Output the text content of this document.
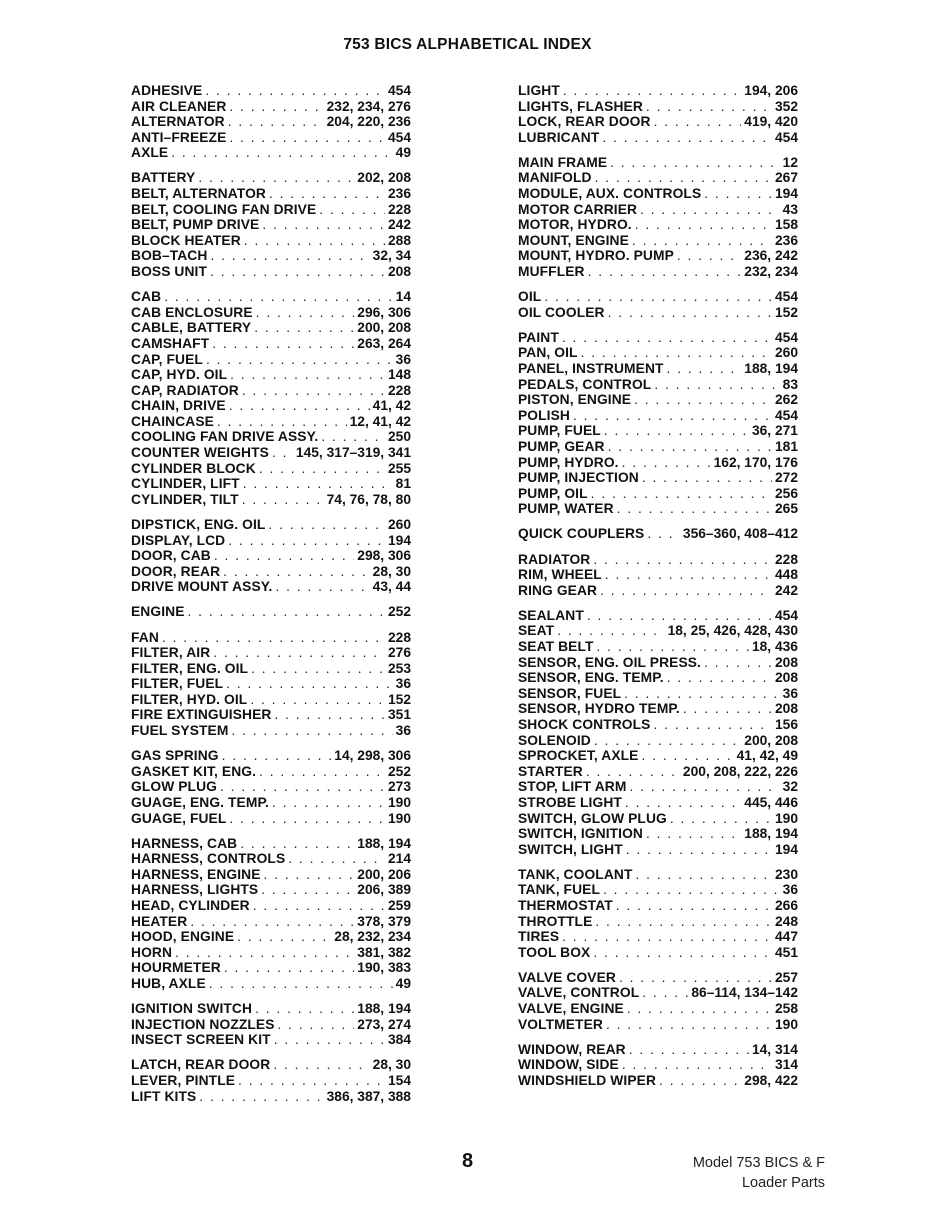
753 BICS ALPHABETICAL INDEX
ADHESIVE . . .	454
AIR CLEANER . . .	232, 234, 276
ALTERNATOR . . .	204, 220, 236
ANTI–FREEZE . . .	454
AXLE . . .	49
BATTERY . . .	202, 208
BELT, ALTERNATOR . . .	236
BELT, COOLING FAN DRIVE . . .	228
BELT, PUMP DRIVE . . .	242
BLOCK HEATER . . .	288
BOB–TACH . . .	32, 34
BOSS UNIT . . .	208
CAB . . .	14
CAB ENCLOSURE . . .	296, 306
CABLE, BATTERY . . .	200, 208
CAMSHAFT . . .	263, 264
CAP, FUEL . . .	36
CAP, HYD. OIL . . .	148
CAP, RADIATOR . . .	228
CHAIN, DRIVE . . .	41, 42
CHAINCASE . . .	12, 41, 42
COOLING FAN DRIVE ASSY. . . .	250
COUNTER WEIGHTS . . . 145, 317–319, 341
CYLINDER BLOCK . . .	255
CYLINDER, LIFT . . .	81
CYLINDER, TILT . . .	74, 76, 78, 80
DIPSTICK, ENG. OIL . . .	260
DISPLAY, LCD . . .	194
DOOR, CAB . . .	298, 306
DOOR, REAR . . .	28, 30
DRIVE MOUNT ASSY. . . .	43, 44
ENGINE . . .	252
FAN . . .	228
FILTER, AIR . . .	276
FILTER, ENG. OIL . . .	253
FILTER, FUEL . . .	36
FILTER, HYD. OIL . . .	152
FIRE EXTINGUISHER . . .	351
FUEL SYSTEM . . .	36
GAS SPRING . . .	14, 298, 306
GASKET KIT, ENG. . . .	252
GLOW PLUG . . .	273
GUAGE, ENG. TEMP. . . .	190
GUAGE, FUEL . . .	190
HARNESS, CAB . . .	188, 194
HARNESS, CONTROLS . . .	214
HARNESS, ENGINE . . .	200, 206
HARNESS, LIGHTS . . .	206, 389
HEAD, CYLINDER . . .	259
HEATER . . .	378, 379
HOOD, ENGINE . . .	28, 232, 234
HORN . . .	381, 382
HOURMETER . . .	190, 383
HUB, AXLE . . .	49
IGNITION SWITCH . . .	188, 194
INJECTION NOZZLES . . .	273, 274
INSECT SCREEN KIT . . .	384
LATCH, REAR DOOR . . .	28, 30
LEVER, PINTLE . . .	154
LIFT KITS . . .	386, 387, 388
LIGHT . . .	194, 206
LIGHTS, FLASHER . . .	352
LOCK, REAR DOOR . . .	419, 420
LUBRICANT . . .	454
MAIN FRAME . . .	12
MANIFOLD . . .	267
MODULE, AUX. CONTROLS . . .	194
MOTOR CARRIER . . .	43
MOTOR, HYDRO. . . .	158
MOUNT, ENGINE . . .	236
MOUNT, HYDRO. PUMP . . .	236, 242
MUFFLER . . .	232, 234
OIL . . .	454
OIL COOLER . . .	152
PAINT . . .	454
PAN, OIL . . .	260
PANEL, INSTRUMENT . . .	188, 194
PEDALS, CONTROL . . .	83
PISTON, ENGINE . . .	262
POLISH . . .	454
PUMP, FUEL . . .	36, 271
PUMP, GEAR . . .	181
PUMP, HYDRO. . . .	162, 170, 176
PUMP, INJECTION . . .	272
PUMP, OIL . . .	256
PUMP, WATER . . .	265
QUICK COUPLERS . . .	356–360, 408–412
RADIATOR . . .	228
RIM, WHEEL . . .	448
RING GEAR . . .	242
SEALANT . . .	454
SEAT . . .	18, 25, 426, 428, 430
SEAT BELT . . .	18, 436
SENSOR, ENG. OIL PRESS. . . .	208
SENSOR, ENG. TEMP. . . .	208
SENSOR, FUEL . . .	36
SENSOR, HYDRO TEMP. . . .	208
SHOCK CONTROLS . . .	156
SOLENOID . . .	200, 208
SPROCKET, AXLE . . .	41, 42, 49
STARTER . . .	200, 208, 222, 226
STOP, LIFT ARM . . .	32
STROBE LIGHT . . .	445, 446
SWITCH, GLOW PLUG . . .	190
SWITCH, IGNITION . . .	188, 194
SWITCH, LIGHT . . .	194
TANK, COOLANT . . .	230
TANK, FUEL . . .	36
THERMOSTAT . . .	266
THROTTLE . . .	248
TIRES . . .	447
TOOL BOX . . .	451
VALVE COVER . . .	257
VALVE, CONTROL . . .	86–114, 134–142
VALVE, ENGINE . . .	258
VOLTMETER . . .	190
WINDOW, REAR . . .	14, 314
WINDOW, SIDE . . .	314
WINDSHIELD WIPER . . .	298, 422
8	Model 753 BICS & F
Loader Parts
